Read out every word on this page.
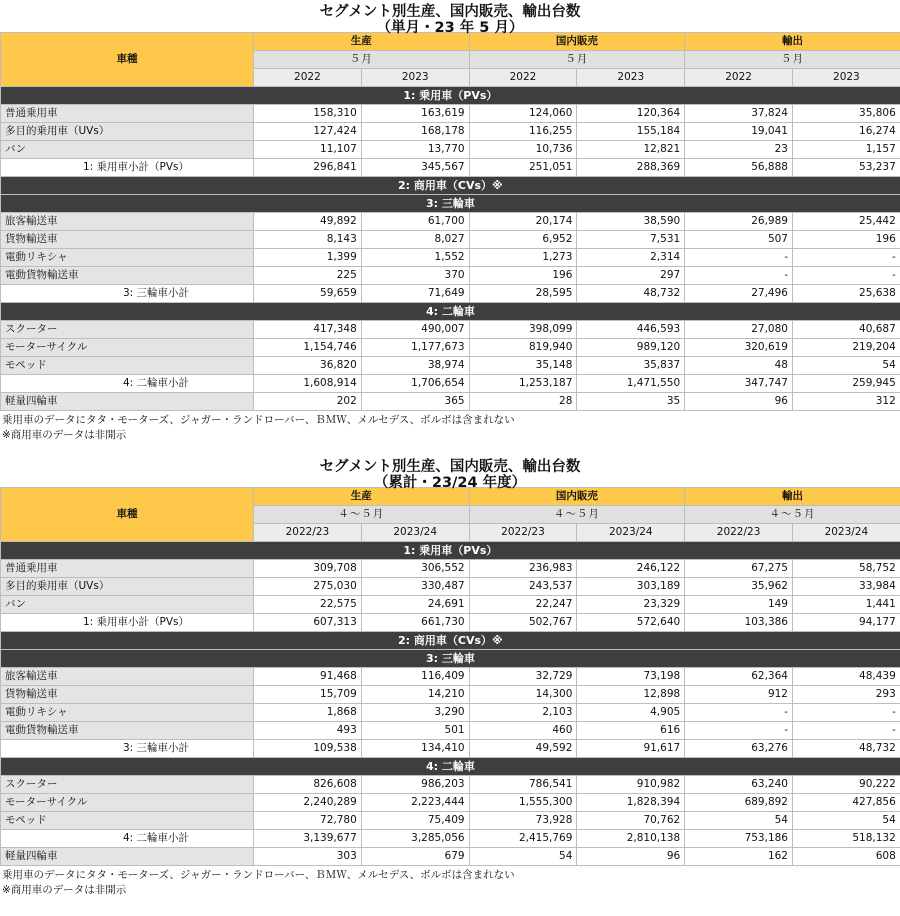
セグメント別生産、国内販売、輸出台数
（単月・23 年 5 月）
車種	生産		国内販売		輸出	
	５月		５月		５月	
	2022	2023	2022	2023	2022	2023
1: 乗用車（PVs）						
普通乗用車	158,310	163,619	124,060	120,364	37,824	35,806
多目的乗用車（UVs）	127,424	168,178	116,255	155,184	19,041	16,274
バン	11,107	13,770	10,736	12,821	23	1,157
1: 乗用車小計（PVs）	296,841	345,567	251,051	288,369	56,888	53,237
2: 商用車（CVs）※						
3: 三輪車						
旅客輸送車	49,892	61,700	20,174	38,590	26,989	25,442
貨物輸送車	8,143	8,027	6,952	7,531	507	196
電動リキシャ	1,399	1,552	1,273	2,314	-	-
電動貨物輸送車	225	370	196	297	-	-
3: 三輪車小計	59,659	71,649	28,595	48,732	27,496	25,638
4: 二輪車						
スクーター	417,348	490,007	398,099	446,593	27,080	40,687
モーターサイクル	1,154,746	1,177,673	819,940	989,120	320,619	219,204
モペッド	36,820	38,974	35,148	35,837	48	54
4: 二輪車小計	1,608,914	1,706,654	1,253,187	1,471,550	347,747	259,945
軽量四輪車	202	365	28	35	96	312
乗用車のデータにタタ・モーターズ、ジャガー・ランドローバー、ＢＭＷ、メルセデス、ボルボは含まれない
※商用車のデータは非開示
セグメント別生産、国内販売、輸出台数
（累計・23/24 年度）
車種	生産		国内販売		輸出	
	４～５月		４～５月		４～５月	
	2022/23	2023/24	2022/23	2023/24	2022/23	2023/24
1: 乗用車（PVs）						
普通乗用車	309,708	306,552	236,983	246,122	67,275	58,752
多目的乗用車（UVs）	275,030	330,487	243,537	303,189	35,962	33,984
バン	22,575	24,691	22,247	23,329	149	1,441
1: 乗用車小計（PVs）	607,313	661,730	502,767	572,640	103,386	94,177
2: 商用車（CVs）※						
3: 三輪車						
旅客輸送車	91,468	116,409	32,729	73,198	62,364	48,439
貨物輸送車	15,709	14,210	14,300	12,898	912	293
電動リキシャ	1,868	3,290	2,103	4,905	-	-
電動貨物輸送車	493	501	460	616	-	-
3: 三輪車小計	109,538	134,410	49,592	91,617	63,276	48,732
4: 二輪車						
スクーター	826,608	986,203	786,541	910,982	63,240	90,222
モーターサイクル	2,240,289	2,223,444	1,555,300	1,828,394	689,892	427,856
モペッド	72,780	75,409	73,928	70,762	54	54
4: 二輪車小計	3,139,677	3,285,056	2,415,769	2,810,138	753,186	518,132
軽量四輪車	303	679	54	96	162	608
乗用車のデータにタタ・モーターズ、ジャガー・ランドローバー、ＢＭＷ、メルセデス、ボルボは含まれない
※商用車のデータは非開示
